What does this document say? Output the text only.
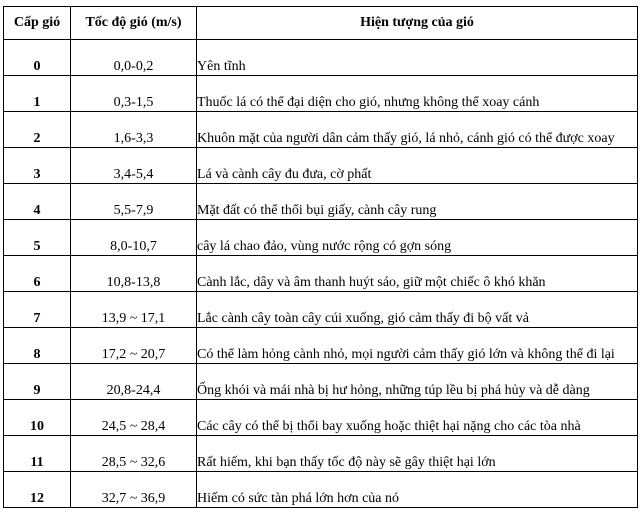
Cấp gió	Tốc độ gió (m/s)	Hiện tượng của gió
0	0,0-0,2	Yên tĩnh
1	0,3-1,5	Thuốc lá có thể đại diện cho gió, nhưng không thể xoay cánh
2	1,6-3,3	Khuôn mặt của người dân cảm thấy gió, lá nhỏ, cánh gió có thể được xoay
3	3,4-5,4	Lá và cành cây đu đưa, cờ phất
4	5,5-7,9	Mặt đất có thể thổi bụi giấy, cành cây rung
5	8,0-10,7	cây lá chao đảo, vùng nước rộng có gợn sóng
6	10,8-13,8	Cành lắc, dây và âm thanh huýt sáo, giữ một chiếc ô khó khăn
7	13,9 ~ 17,1	Lắc cành cây toàn cây cúi xuống, gió cảm thấy đi bộ vất vả
8	17,2 ~ 20,7	Có thể làm hỏng cành nhỏ, mọi người cảm thấy gió lớn và không thể đi lại
9	20,8-24,4	Ống khói và mái nhà bị hư hỏng, những túp lều bị phá hủy và dễ dàng
10	24,5 ~ 28,4	Các cây có thể bị thổi bay xuống hoặc thiệt hại nặng cho các tòa nhà
11	28,5 ~ 32,6	Rất hiếm, khi bạn thấy tốc độ này sẽ gây thiệt hại lớn
12	32,7 ~ 36,9	Hiếm có sức tàn phá lớn hơn của nó
